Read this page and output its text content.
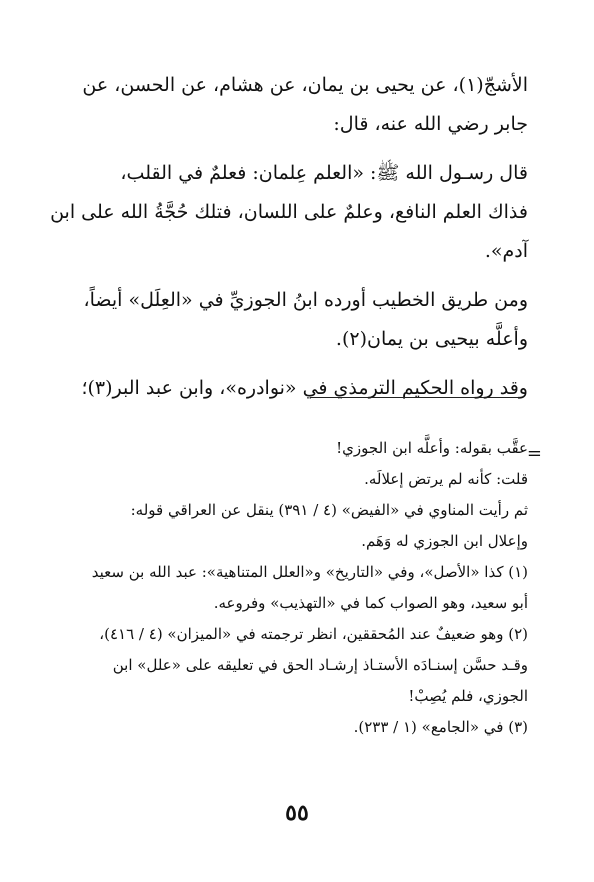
الأشجّ(١)، عن يحيى بن يمان، عن هشام، عن الحسن، عن
جابر رضي الله عنه، قال:
قال رسـول الله ﷺ: «العلم عِلمان: فعلمٌ في القلب،
فذاك العلم النافع، وعلمٌ على اللسان، فتلك حُجَّةُ الله على ابن
آدم».
ومن طريق الخطيب أورده ابنُ الجوزيِّ في «العِلَل» أيضاً،
وأعلَّه بيحيى بن يمان(٢).
وقد رواه الحكيم الترمذي في «نوادره»، وابن عبد البر(٣)؛
=
عقَّب بقوله: وأعلَّه ابن الجوزي!
قلت: كأنه لم يرتض إعلالَه.
ثم رأيت المناوي في «الفيض» (٤ / ٣٩١) ينقل عن العراقي قوله:
وإعلال ابن الجوزي له وَهَم.
(١) كذا «الأصل»، وفي «التاريخ» و«العلل المتناهية»: عبد الله بن سعيد
أبو سعيد، وهو الصواب كما في «التهذيب» وفروعه.
(٢) وهو ضعيفٌ عند المُحققين، انظر ترجمته في «الميزان» (٤ / ٤١٦)،
وقـد حسَّن إسنـادَه الأستـاذ إرشـاد الحق في تعليقه على «علل» ابن
الجوزي، فلم يُصِبْ!
(٣) في «الجامع» (١ / ٢٣٣).
٥٥
